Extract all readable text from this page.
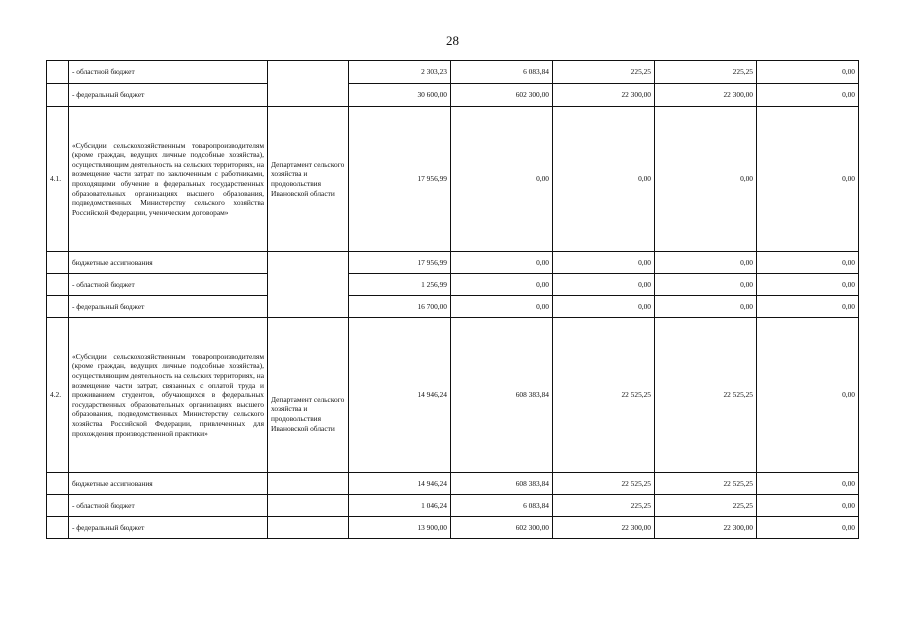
28
	- областной бюджет		2 303,23	6 083,84	225,25	225,25	0,00
	- федеральный бюджет		30 600,00	602 300,00	22 300,00	22 300,00	0,00
4.1.	«Субсидии сельскохозяйственным товаропроизводителям (кроме граждан, ведущих личные подсобные хозяйства), осуществляющим деятельность на сельских территориях, на возмещение части затрат по заключенным с работниками, проходящими обучение в федеральных государственных образовательных организациях высшего образования, подведомственных Министерству сельского хозяйства Российской Федерации, ученическим договорам»	Департамент сельского хозяйства и продовольствия Ивановской области	17 956,99	0,00	0,00	0,00	0,00
	бюджетные ассигнования		17 956,99	0,00	0,00	0,00	0,00
	- областной бюджет		1 256,99	0,00	0,00	0,00	0,00
	- федеральный бюджет		16 700,00	0,00	0,00	0,00	0,00
4.2.	«Субсидии сельскохозяйственным товаропроизводителям (кроме граждан, ведущих личные подсобные хозяйства), осуществляющим деятельность на сельских территориях, на возмещение части затрат, связанных с оплатой труда и проживанием студентов, обучающихся в федеральных государственных образовательных организациях высшего образования, подведомственных Министерству сельского хозяйства Российской Федерации, привлеченных для прохождения производственной практики»	Департамент сельского хозяйства и продовольствия Ивановской области	14 946,24	608 383,84	22 525,25	22 525,25	0,00
	бюджетные ассигнования		14 946,24	608 383,84	22 525,25	22 525,25	0,00
	- областной бюджет		1 046,24	6 083,84	225,25	225,25	0,00
	- федеральный бюджет		13 900,00	602 300,00	22 300,00	22 300,00	0,00
